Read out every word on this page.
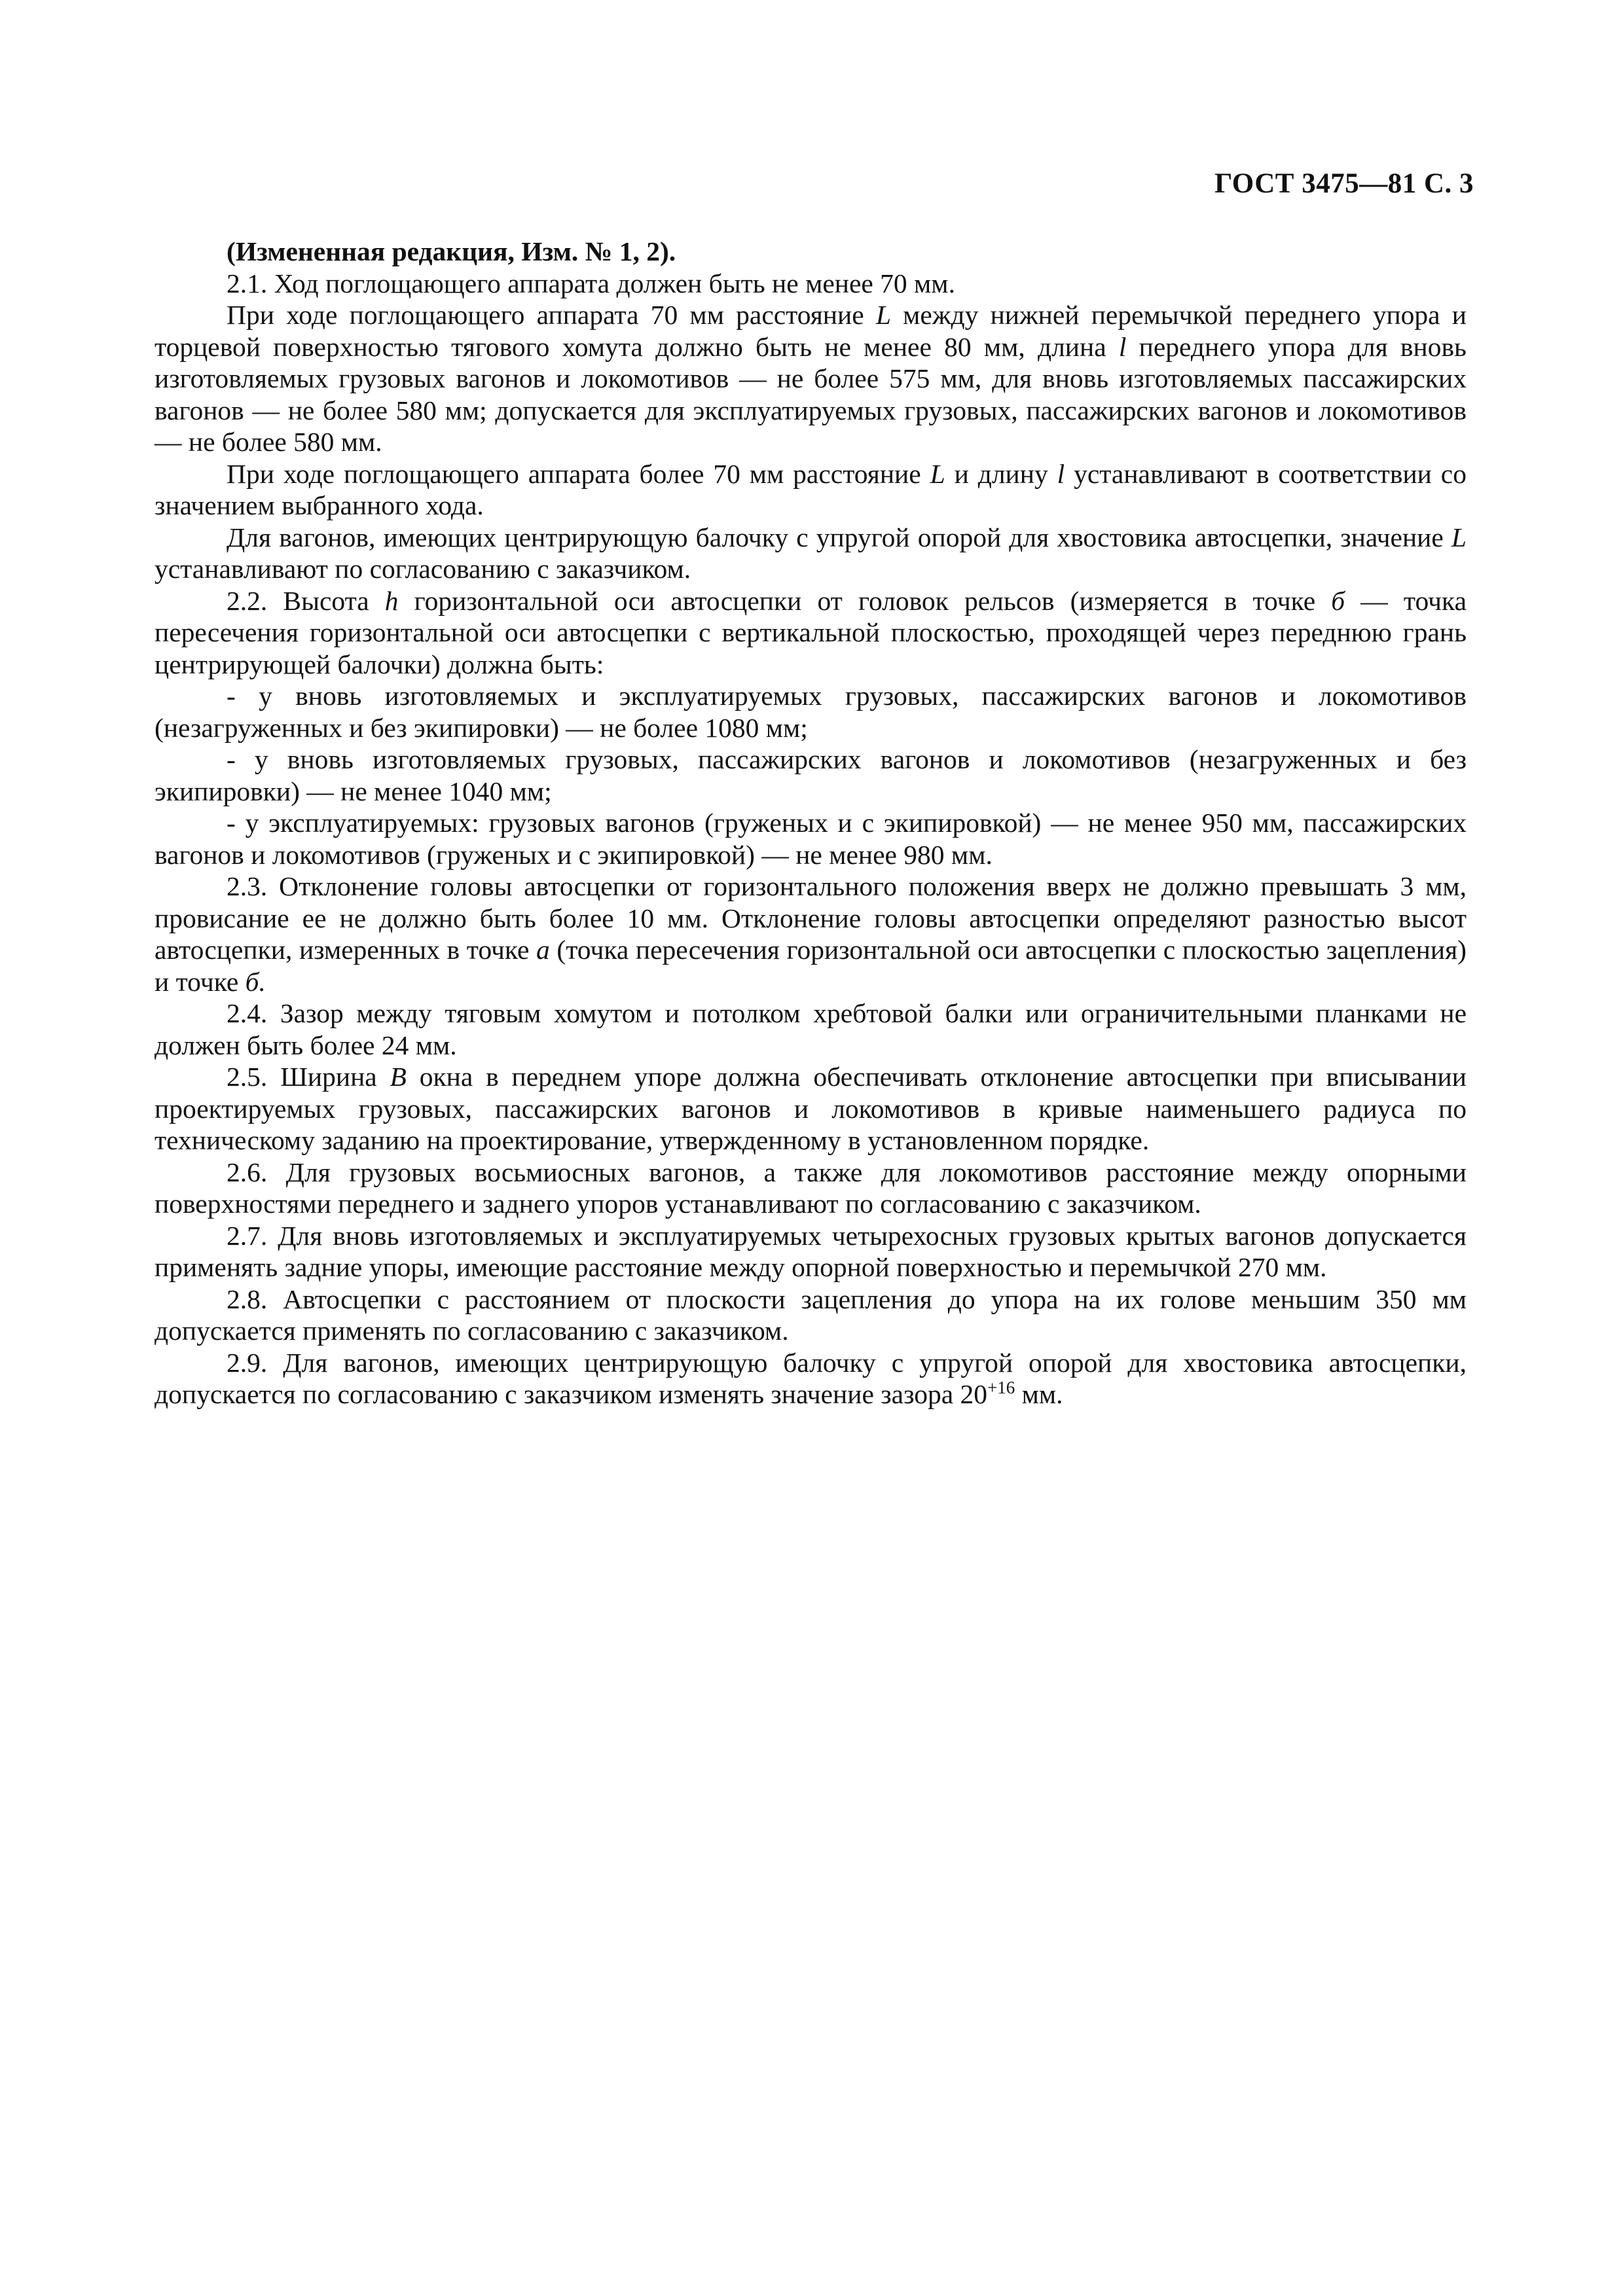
ГОСТ 3475—81 С. 3

(Измененная редакция, Изм. № 1, 2).

2.1. Ход поглощающего аппарата должен быть не менее 70 мм.

При ходе поглощающего аппарата 70 мм расстояние L между нижней перемычкой переднего упора и торцевой поверхностью тягового хомута должно быть не менее 80 мм, длина l переднего упора для вновь изготовляемых грузовых вагонов и локомотивов — не более 575 мм, для вновь изготовляемых пассажирских вагонов — не более 580 мм; допускается для эксплуатируемых грузовых, пассажирских вагонов и локомотивов — не более 580 мм.

При ходе поглощающего аппарата более 70 мм расстояние L и длину l устанавливают в соответствии со значением выбранного хода.

Для вагонов, имеющих центрирующую балочку с упругой опорой для хвостовика автосцепки, значение L устанавливают по согласованию с заказчиком.

2.2. Высота h горизонтальной оси автосцепки от головок рельсов (измеряется в точке б — точка пересечения горизонтальной оси автосцепки с вертикальной плоскостью, проходящей через переднюю грань центрирующей балочки) должна быть:

- у вновь изготовляемых и эксплуатируемых грузовых, пассажирских вагонов и локомотивов (незагруженных и без экипировки) — не более 1080 мм;

- у вновь изготовляемых грузовых, пассажирских вагонов и локомотивов (незагруженных и без экипировки) — не менее 1040 мм;

- у эксплуатируемых: грузовых вагонов (груженых и с экипировкой) — не менее 950 мм, пассажирских вагонов и локомотивов (груженых и с экипировкой) — не менее 980 мм.

2.3. Отклонение головы автосцепки от горизонтального положения вверх не должно превышать 3 мм, провисание ее не должно быть более 10 мм. Отклонение головы автосцепки определяют разностью высот автосцепки, измеренных в точке а (точка пересечения горизонтальной оси автосцепки с плоскостью зацепления) и точке б.

2.4. Зазор между тяговым хомутом и потолком хребтовой балки или ограничительными планками не должен быть более 24 мм.

2.5. Ширина В окна в переднем упоре должна обеспечивать отклонение автосцепки при вписывании проектируемых грузовых, пассажирских вагонов и локомотивов в кривые наименьшего радиуса по техническому заданию на проектирование, утвержденному в установленном порядке.

2.6. Для грузовых восьмиосных вагонов, а также для локомотивов расстояние между опорными поверхностями переднего и заднего упоров устанавливают по согласованию с заказчиком.

2.7. Для вновь изготовляемых и эксплуатируемых четырехосных грузовых крытых вагонов допускается применять задние упоры, имеющие расстояние между опорной поверхностью и перемычкой 270 мм.

2.8. Автосцепки с расстоянием от плоскости зацепления до упора на их голове меньшим 350 мм допускается применять по согласованию с заказчиком.

2.9. Для вагонов, имеющих центрирующую балочку с упругой опорой для хвостовика автосцепки, допускается по согласованию с заказчиком изменять значение зазора $20^{+16}$ мм.
